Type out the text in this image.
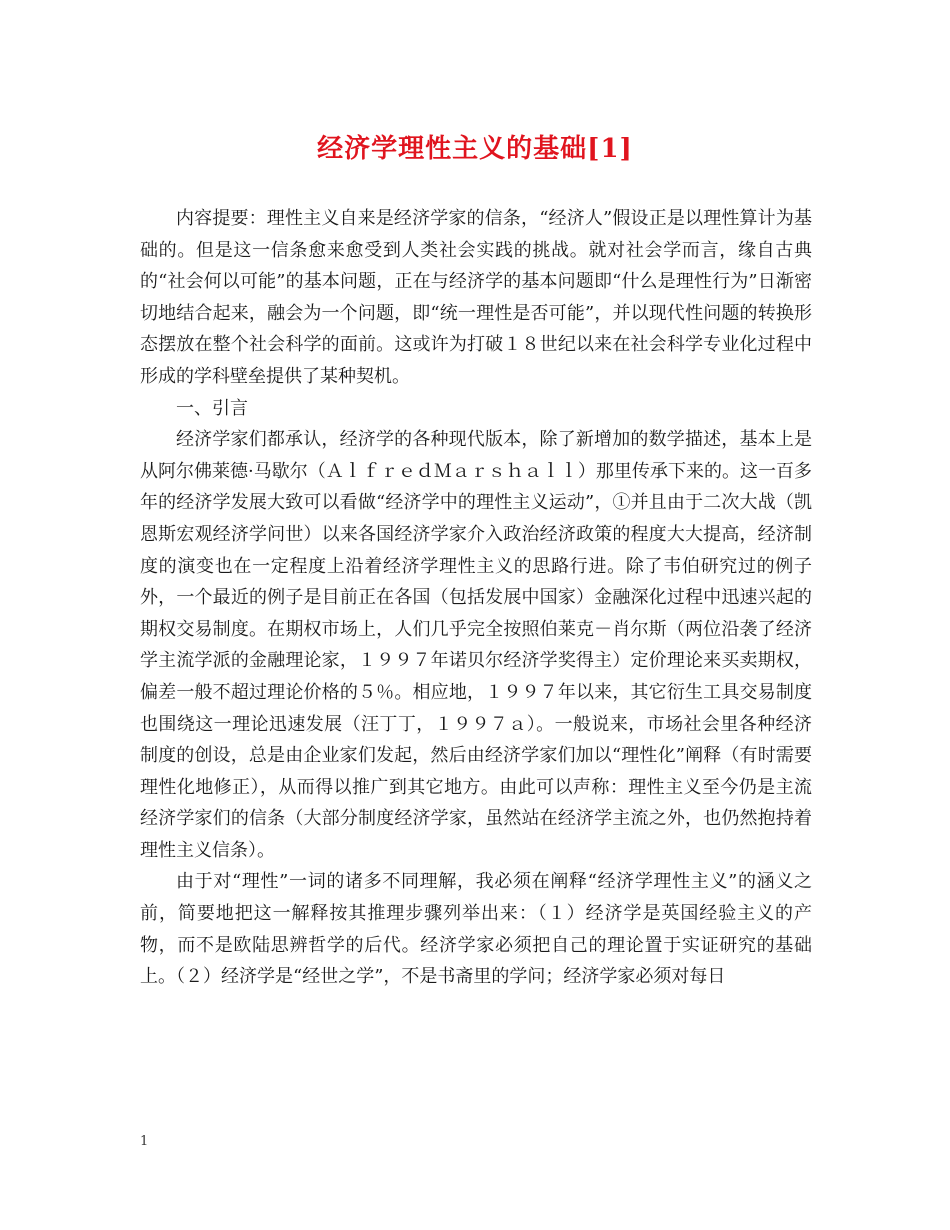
经济学理性主义的基础[1]

内容提要：理性主义自来是经济学家的信条，“经济人”假设正是以理性算计为基础的。但是这一信条愈来愈受到人类社会实践的挑战。就对社会学而言，缘自古典的“社会何以可能”的基本问题，正在与经济学的基本问题即“什么是理性行为”日渐密切地结合起来，融会为一个问题，即“统一理性是否可能”，并以现代性问题的转换形态摆放在整个社会科学的面前。这或许为打破１８世纪以来在社会科学专业化过程中形成的学科壁垒提供了某种契机。

一、引言

经济学家们都承认，经济学的各种现代版本，除了新增加的数学描述，基本上是从阿尔佛莱德·马歇尔（ＡｌｆｒｅｄＭａｒｓｈａｌｌ）那里传承下来的。这一百多年的经济学发展大致可以看做“经济学中的理性主义运动”，①并且由于二次大战（凯恩斯宏观经济学问世）以来各国经济学家介入政治经济政策的程度大大提高，经济制度的演变也在一定程度上沿着经济学理性主义的思路行进。除了韦伯研究过的例子外，一个最近的例子是目前正在各国（包括发展中国家）金融深化过程中迅速兴起的期权交易制度。在期权市场上，人们几乎完全按照伯莱克－肖尔斯（两位沿袭了经济学主流学派的金融理论家，１９９７年诺贝尔经济学奖得主）定价理论来买卖期权，偏差一般不超过理论价格的５％。相应地，１９９７年以来，其它衍生工具交易制度也围绕这一理论迅速发展（汪丁丁，１９９７ａ）。一般说来，市场社会里各种经济制度的创设，总是由企业家们发起，然后由经济学家们加以“理性化”阐释（有时需要理性化地修正），从而得以推广到其它地方。由此可以声称：理性主义至今仍是主流经济学家们的信条（大部分制度经济学家，虽然站在经济学主流之外，也仍然抱持着理性主义信条）。

由于对“理性”一词的诸多不同理解，我必须在阐释“经济学理性主义”的涵义之前，简要地把这一解释按其推理步骤列举出来：（１）经济学是英国经验主义的产物，而不是欧陆思辨哲学的后代。经济学家必须把自己的理论置于实证研究的基础上。（２）经济学是“经世之学”，不是书斋里的学问；经济学家必须对每日

1
